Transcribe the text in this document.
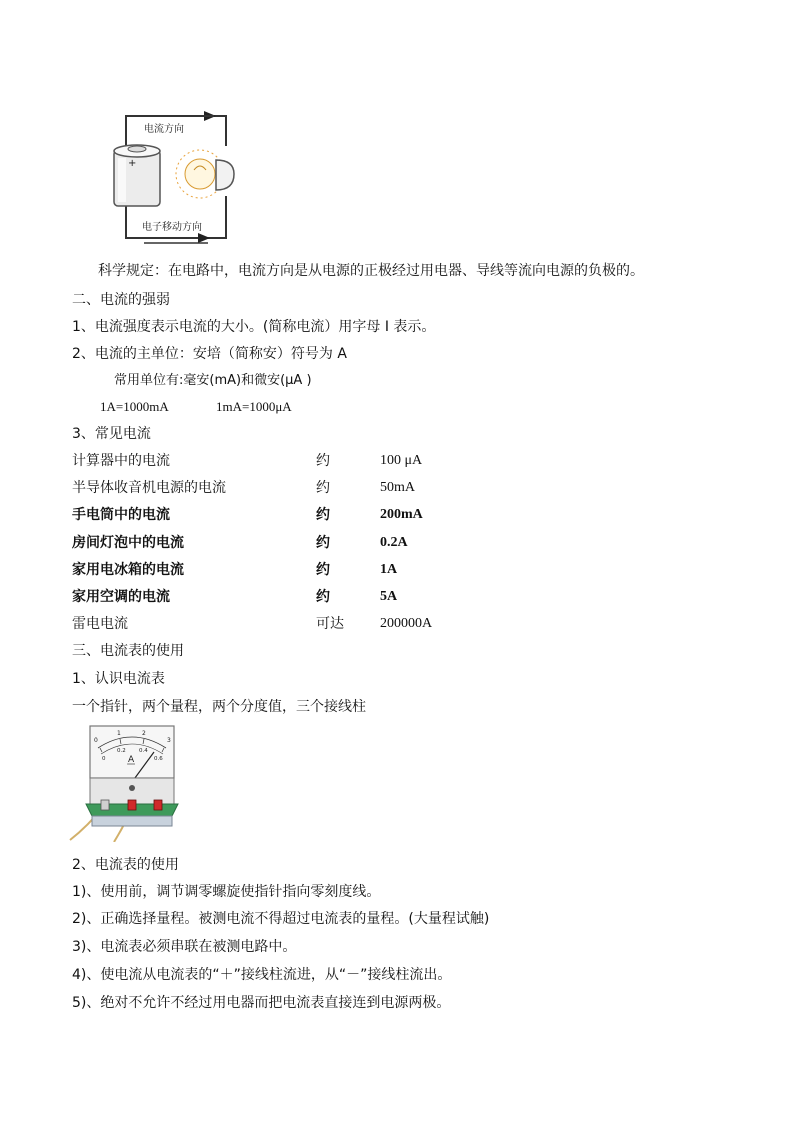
+
电流方向
电子移动方向
科学规定：在电路中，电流方向是从电源的正极经过用电器、导线等流向电源的负极的。
二、电流的强弱
1、电流强度表示电流的大小。(简称电流）用字母 I 表示。
2、电流的主单位：安培（简称安）符号为 A
常用单位有:毫安(mA)和微安(μA )
1A=1000mA	1mA=1000μA
3、常见电流
计算器中的电流	约	100 μA
半导体收音机电源的电流	约	50mA
手电筒中的电流	约	200mA
房间灯泡中的电流	约	0.2A
家用电冰箱的电流	约	1A
家用空调的电流	约	5A
雷电电流	可达	200000A
三、电流表的使用
1、认识电流表
一个指针，两个量程，两个分度值，三个接线柱
0
1	2
3
0
0.2 0.4
0.6
A
2、电流表的使用
1)、使用前，调节调零螺旋使指针指向零刻度线。
2)、正确选择量程。被测电流不得超过电流表的量程。(大量程试触)
3)、电流表必须串联在被测电路中。
4)、使电流从电流表的“＋”接线柱流进，从“－”接线柱流出。
5)、绝对不允许不经过用电器而把电流表直接连到电源两极。
